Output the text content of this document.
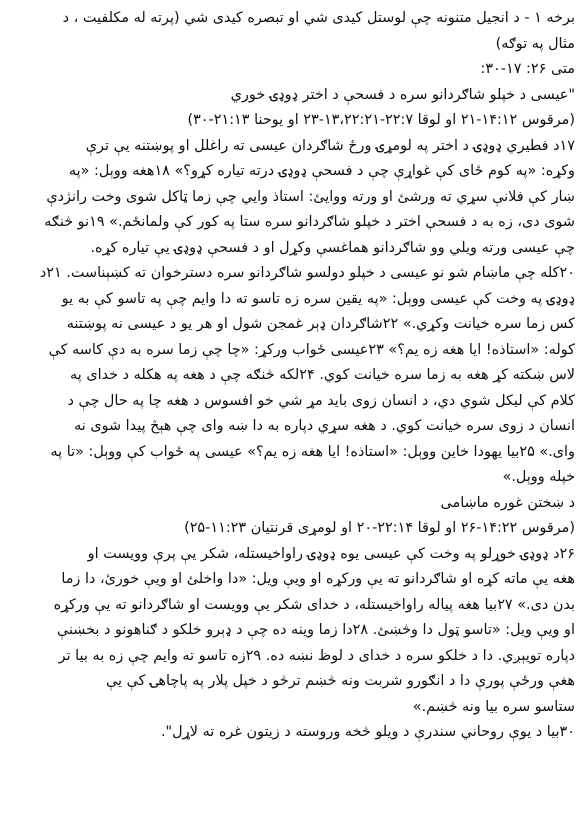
برخه ۱ - د انجيل متنونه چې لوستل کيدی شي او تبصره کيدی شي (پرته له مکلفيت ، د
مثال په توګه)

متی ۲۶: ۱۷-۳۰:

"عيسی د خپلو شاګردانو سره د فسحې د اختر ډوډۍ خوري
(مرقوس ۱۴:۱۲-۲۱ او لوقا ۲۲:۷-۱۳،۲۲:۲۱-۲۳ او يوحنا ۲۱:۱۳-۳۰)

۱۷د فطيري ډوډۍ د اختر په لومړۍ ورځ شاګردان عيسی ته راغلل او پوښتنه يې ترې
وکړه: «په کوم ځای کې غواړې چې د فسحې ډوډۍ درته تياره کړو؟» ۱۸هغه ووېل: «په
ښار کې فلانې سړي ته ورشئ او ورته ووايئ: استاذ وايي چې زما ټاکل شوی وخت رانژدې
شوی دی، زه به د فسحې اختر د خپلو شاګردانو سره ستا په کور کې ولمانځم.» ۱۹نو څنګه
چې عيسی ورته ويلي وو شاګردانو هماغسې وکړل او د فسحې ډوډۍ يې تياره کړه.

۲۰کله چې ماښام شو نو عيسی د خپلو دولسو شاګردانو سره دسترخوان ته کښېناست. ۲۱د
ډوډۍ په وخت کې عيسی ووېل: «په يقين سره زه تاسو ته دا وايم چې په تاسو کې به يو
کس زما سره خيانت وکړي.» ۲۲شاګردان ډېر غمجن شول او هر يو د عيسی نه پوښتنه
کوله: «استاذه! ايا هغه زه يم؟» ۲۳عيسی ځواب ورکړ: «چا چې زما سره به دې کاسه کې
لاس ښکته کړ هغه به زما سره خيانت کوي. ۲۴لکه څنګه چې د هغه په هکله د خدای په
کلام کې ليکل شوي دي، د انسان زوی بايد مړ شي خو افسوس د هغه چا په حال چې د
انسان د زوی سره خيانت کوي. د هغه سړي دپاره به دا ښه وای چې هېڅ پيدا شوی نه
وای.» ۲۵بيا يهودا خاين ووېل: «استاذه! ايا هغه زه يم؟» عيسی په ځواب کې ووېل: «تا په
خپله ووېل.»

د ښختن غوره ماښامی
(مرقوس ۱۴:۲۲-۲۶ او لوقا ۲۲:۱۴-۲۰ او لومړی قرنتيان ۱۱:۲۳-۲۵)

۲۶د ډوډۍ خوړلو په وخت کې عيسی يوه ډوډۍ راواخيستله، شکر يې پرې وويست او
هغه يې ماته کړه او شاګردانو ته يې ورکړه او ويې ويل: «دا واخلئ او ويې خورئ، دا زما
بدن دی.» ۲۷بيا هغه پياله راواخيستله، د خدای شکر يې وويست او شاګردانو ته يې ورکړه
او ويې ويل: «تاسو ټول دا وڅښئ. ۲۸دا زما وينه ده چې د ډېرو خلکو د ګناهونو د بخښنې
دپاره تويېږي. دا د خلکو سره د خدای د لوظ نښه ده. ۲۹زه تاسو ته وايم چې زه به بيا تر
هغې ورځې پورې دا د انګورو شربت ونه څښم ترڅو د خپل پلار په پاچاهۍ کې يې
ستاسو سره بيا ونه څښم.»

۳۰بيا د يوې روحاني سندرې د ويلو څخه وروسته د زيتون غره ته لاړل".
